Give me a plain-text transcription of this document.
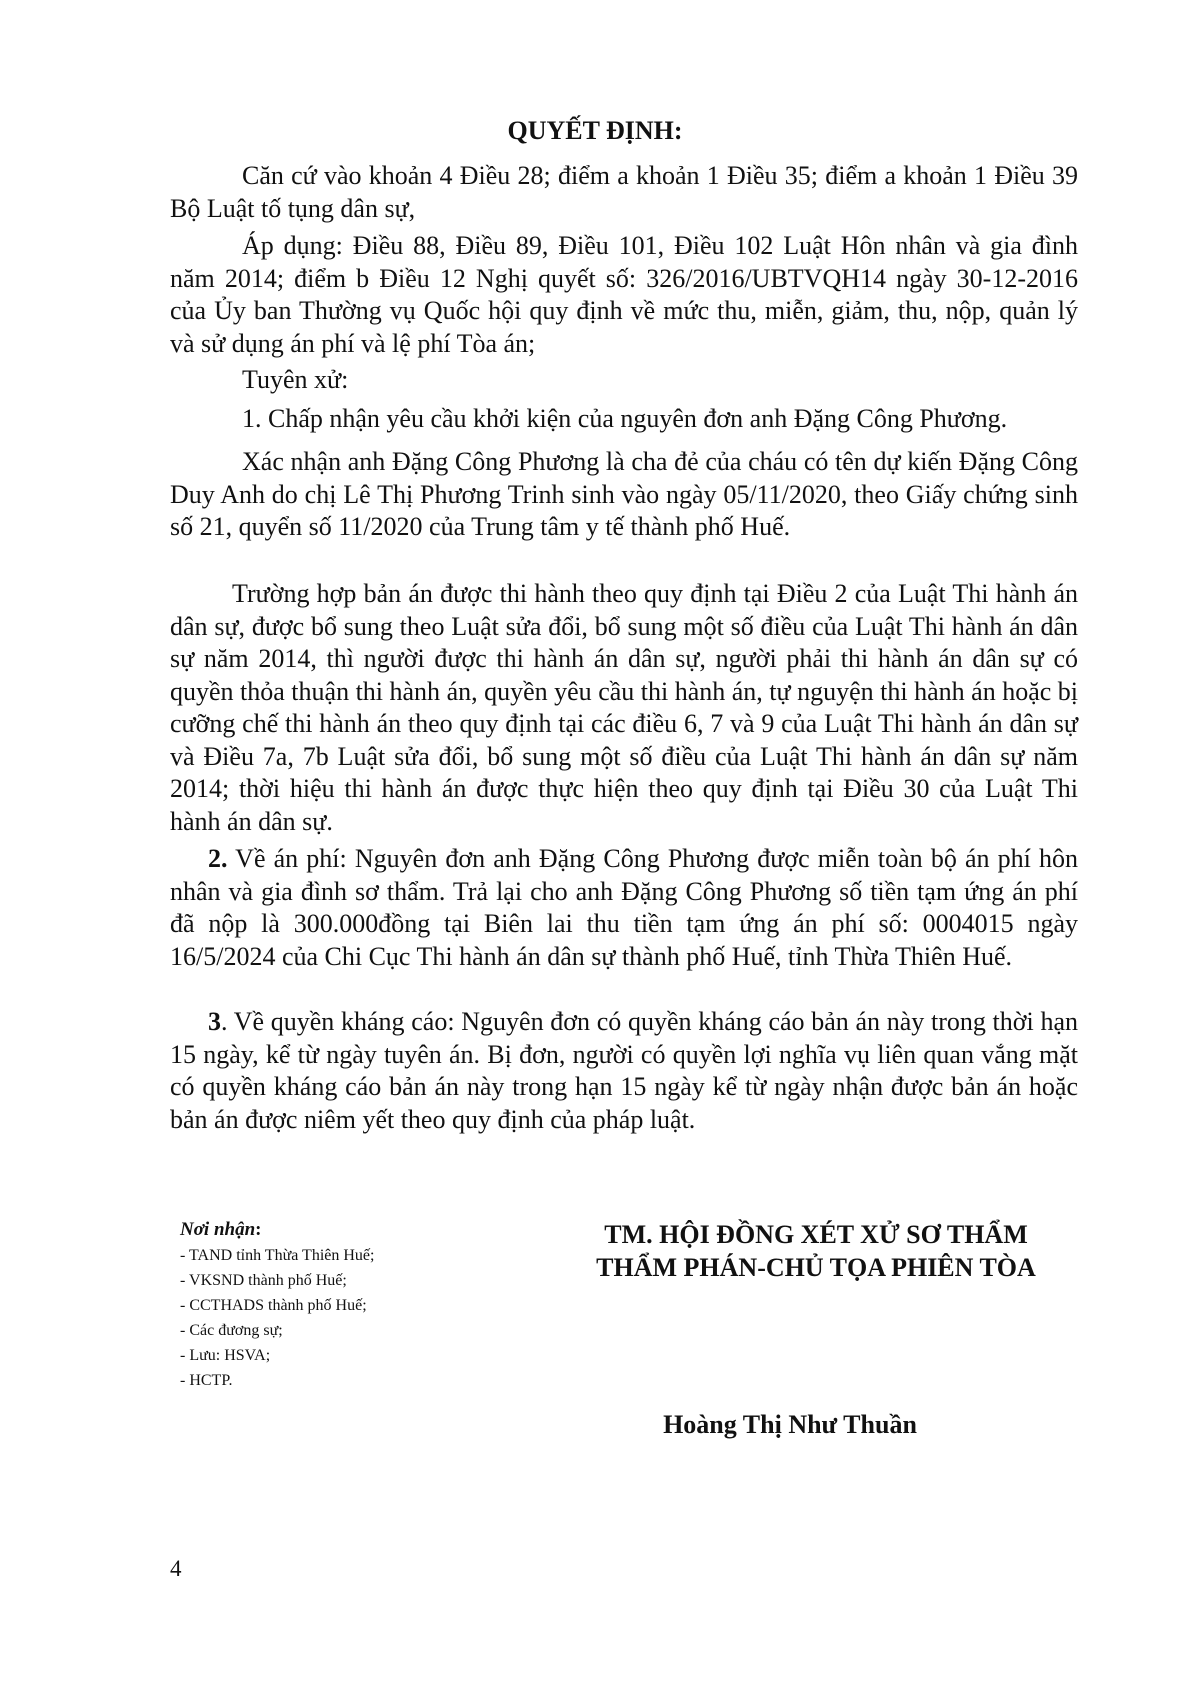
QUYẾT ĐỊNH:

Căn cứ vào khoản 4 Điều 28; điểm a khoản 1 Điều 35; điểm a khoản 1 Điều 39 Bộ Luật tố tụng dân sự,

Áp dụng: Điều 88, Điều 89, Điều 101, Điều 102 Luật Hôn nhân và gia đình năm 2014; điểm b Điều 12 Nghị quyết số: 326/2016/UBTVQH14 ngày 30-12-2016 của Ủy ban Thường vụ Quốc hội quy định về mức thu, miễn, giảm, thu, nộp, quản lý và sử dụng án phí và lệ phí Tòa án;

Tuyên xử:

1. Chấp nhận yêu cầu khởi kiện của nguyên đơn anh Đặng Công Phương.

Xác nhận anh Đặng Công Phương là cha đẻ của cháu có tên dự kiến Đặng Công Duy Anh do chị Lê Thị Phương Trinh sinh vào ngày 05/11/2020, theo Giấy chứng sinh số 21, quyển số 11/2020 của Trung tâm y tế thành phố Huế.

Trường hợp bản án được thi hành theo quy định tại Điều 2 của Luật Thi hành án dân sự, được bổ sung theo Luật sửa đổi, bổ sung một số điều của Luật Thi hành án dân sự năm 2014, thì người được thi hành án dân sự, người phải thi hành án dân sự có quyền thỏa thuận thi hành án, quyền yêu cầu thi hành án, tự nguyện thi hành án hoặc bị cưỡng chế thi hành án theo quy định tại các điều 6, 7 và 9 của Luật Thi hành án dân sự và Điều 7a, 7b Luật sửa đổi, bổ sung một số điều của Luật Thi hành án dân sự năm 2014; thời hiệu thi hành án được thực hiện theo quy định tại Điều 30 của Luật Thi hành án dân sự.

2. Về án phí: Nguyên đơn anh Đặng Công Phương được miễn toàn bộ án phí hôn nhân và gia đình sơ thẩm. Trả lại cho anh Đặng Công Phương số tiền tạm ứng án phí đã nộp là 300.000đồng tại Biên lai thu tiền tạm ứng án phí số: 0004015 ngày 16/5/2024 của Chi Cục Thi hành án dân sự thành phố Huế, tỉnh Thừa Thiên Huế.

3. Về quyền kháng cáo: Nguyên đơn có quyền kháng cáo bản án này trong thời hạn 15 ngày, kể từ ngày tuyên án. Bị đơn, người có quyền lợi nghĩa vụ liên quan vắng mặt có quyền kháng cáo bản án này trong hạn 15 ngày kể từ ngày nhận được bản án hoặc bản án được niêm yết theo quy định của pháp luật.

Nơi nhận:
- TAND tỉnh Thừa Thiên Huế;
- VKSND thành phố Huế;
- CCTHADS thành phố Huế;
- Các đương sự;
- Lưu: HSVA;
- HCTP.
TM. HỘI ĐỒNG XÉT XỬ SƠ THẨM
THẨM PHÁN-CHỦ TỌA PHIÊN TÒA
Hoàng Thị Như Thuần
4
